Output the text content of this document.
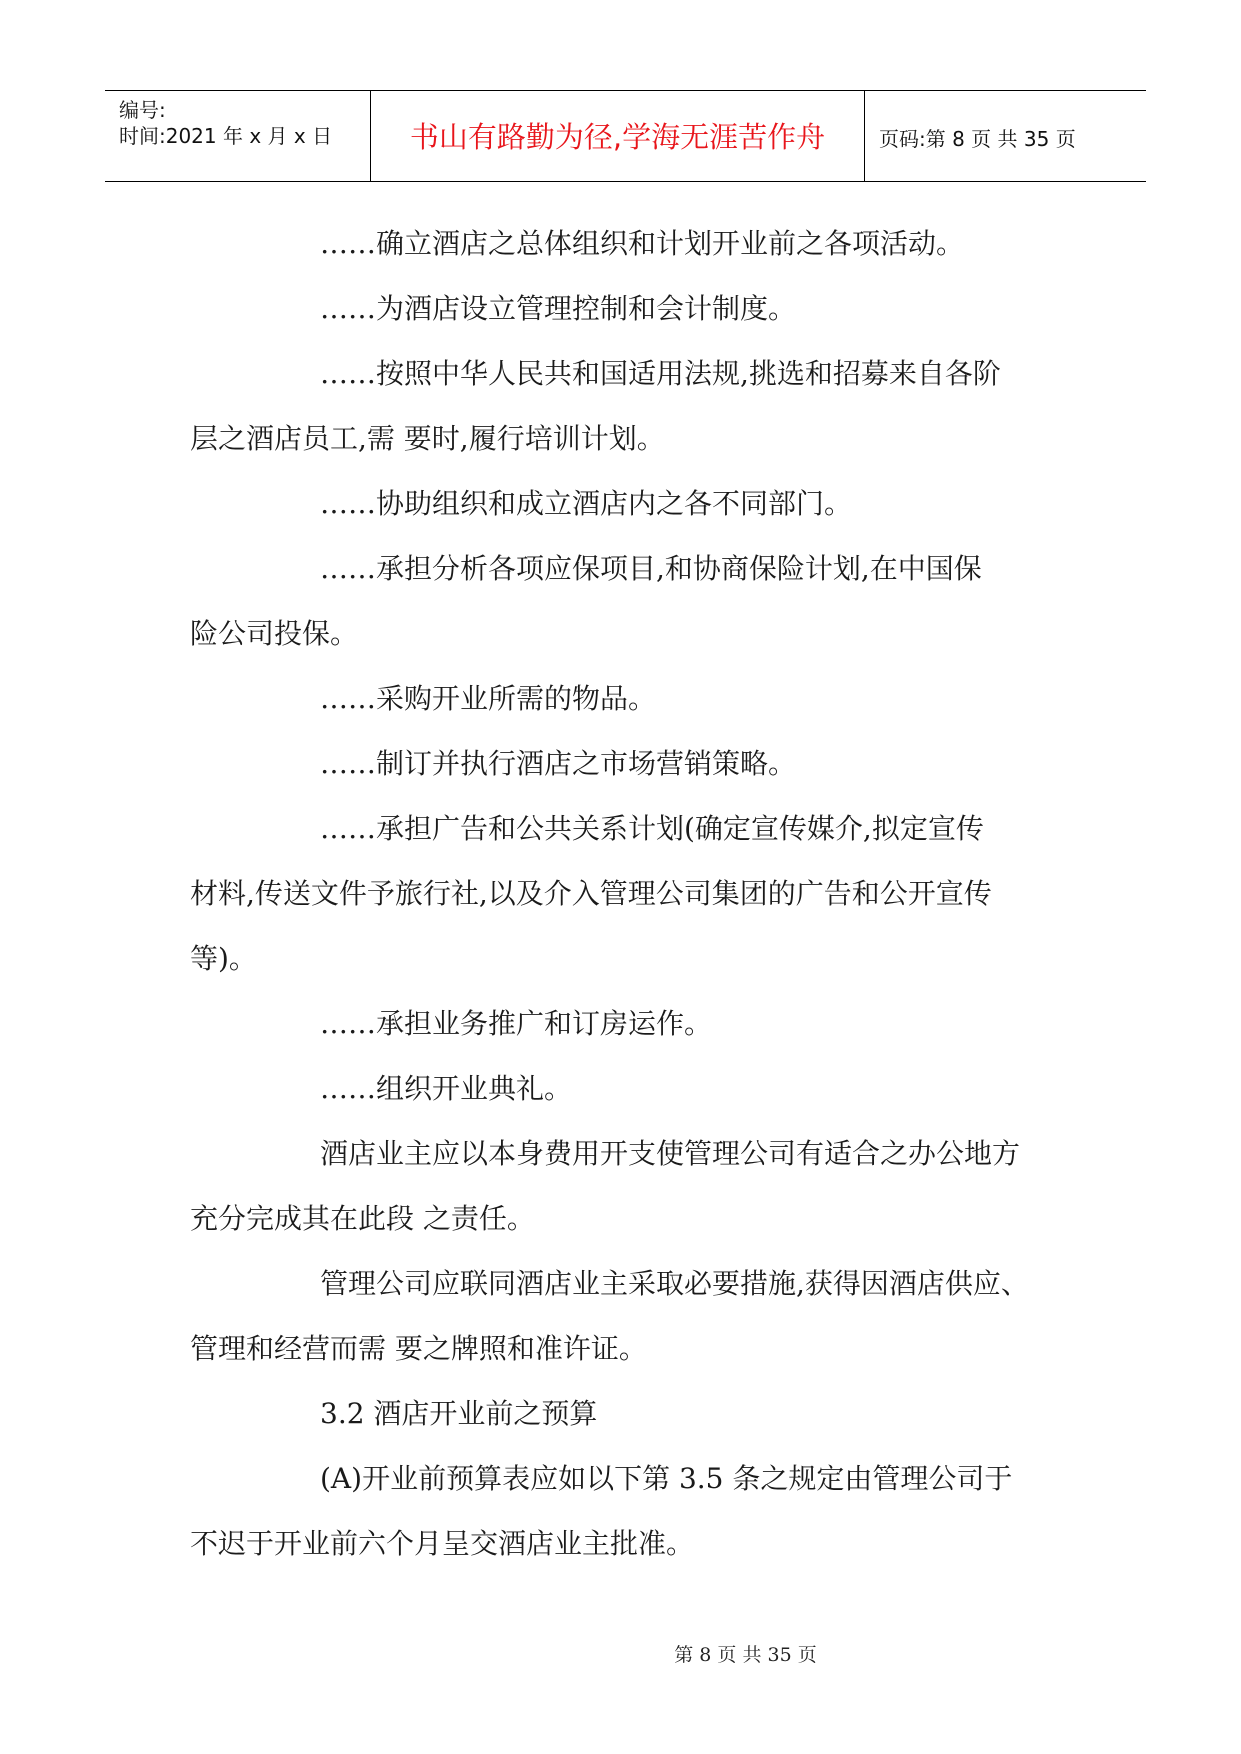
编号:
时间:2021 年 x 月 x 日	书山有路勤为径,学海无涯苦作舟	页码:第 8 页 共 35 页
……确立酒店之总体组织和计划开业前之各项活动。
……为酒店设立管理控制和会计制度。
……按照中华人民共和国适用法规,挑选和招募来自各阶
层之酒店员工,需 要时,履行培训计划。
……协助组织和成立酒店内之各不同部门。
……承担分析各项应保项目,和协商保险计划,在中国保
险公司投保。
……采购开业所需的物品。
……制订并执行酒店之市场营销策略。
……承担广告和公共关系计划(确定宣传媒介,拟定宣传
材料,传送文件予旅行社,以及介入管理公司集团的广告和公开宣传
等)。
……承担业务推广和订房运作。
……组织开业典礼。
酒店业主应以本身费用开支使管理公司有适合之办公地方
充分完成其在此段 之责任。
管理公司应联同酒店业主采取必要措施,获得因酒店供应、
管理和经营而需 要之牌照和准许证。
3.2 酒店开业前之预算
(A)开业前预算表应如以下第 3.5 条之规定由管理公司于
不迟于开业前六个月呈交酒店业主批准。
第 8 页 共 35 页
